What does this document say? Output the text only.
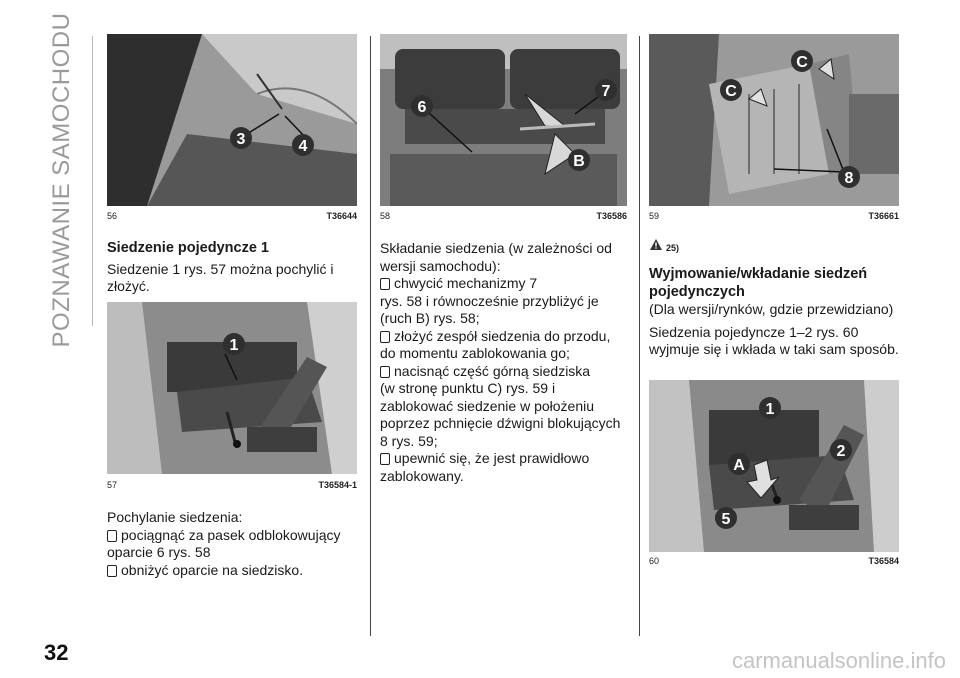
POZNAWANIE SAMOCHODU
32
3	4
56	T36644
1
57	T36584-1
6
7
B
58	T36586
C
C
8
59	T36661
1
2
A
5
60	T36584

Siedzenie pojedyncze 1

Siedzenie 1 rys. 57 można pochylić i złożyć.

Pochylanie siedzenia:

pociągnąć za pasek odblokowujący

oparcie 6 rys. 58

obniżyć oparcie na siedzisko.

Składanie siedzenia (w zależności od wersji samochodu):

chwycić mechanizmy 7

rys. 58 i równocześnie przybliżyć je (ruch B) rys. 58;

złożyć zespół siedzenia do przodu,

do momentu zablokowania go;

nacisnąć część górną siedziska

(w stronę punktu C) rys. 59 i zablokować siedzenie w położeniu poprzez pchnięcie dźwigni blokujących 8 rys. 59;

upewnić się, że jest prawidłowo

zablokowany.

25)

Wyjmowanie/wkładanie siedzeń pojedynczych

(Dla wersji/rynków, gdzie przewidziano)

Siedzenia pojedyncze 1–2 rys. 60 wyjmuje się i wkłada w taki sam sposób.

carmanualsonline.info
